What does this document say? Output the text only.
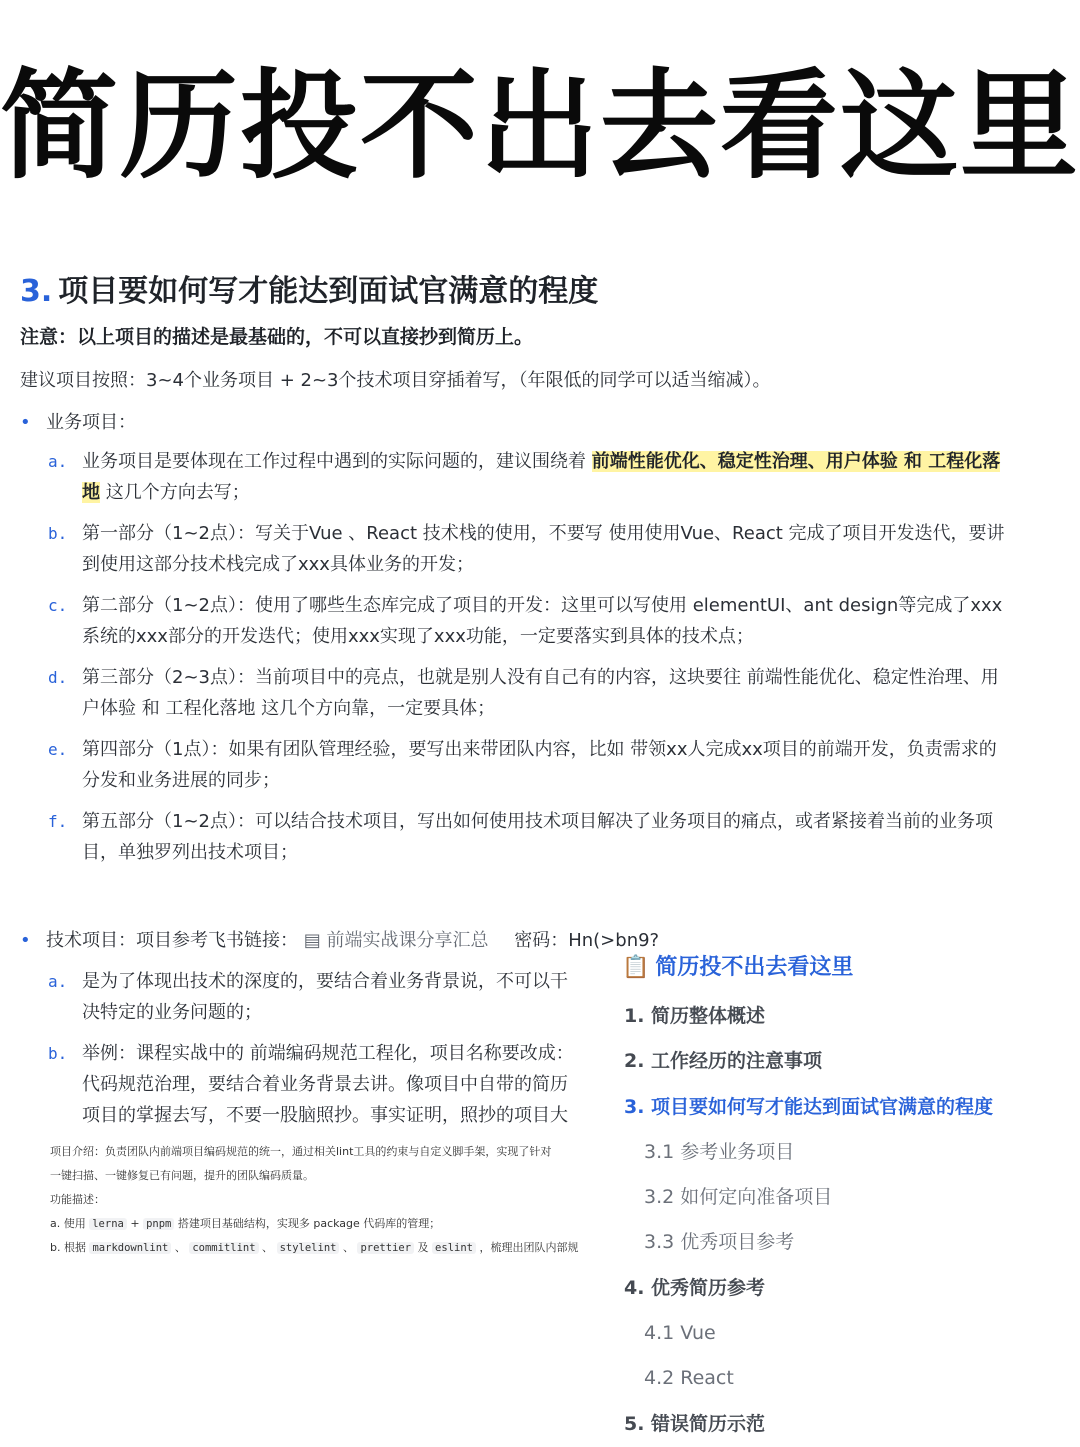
简历投不出去看这里

3. 项目要如何写才能达到面试官满意的程度
注意：以上项目的描述是最基础的，不可以直接抄到简历上。
建议项目按照：3~4个业务项目 + 2~3个技术项目穿插着写，（年限低的同学可以适当缩减）。
• 业务项目：
a. 业务项目是要体现在工作过程中遇到的实际问题的，建议围绕着 前端性能优化、稳定性治理、用户体验 和 工程化落地 这几个方向去写；
b. 第一部分（1~2点）：写关于Vue 、React 技术栈的使用，不要写 使用使用Vue、React 完成了项目开发迭代，要讲到使用这部分技术栈完成了xxx具体业务的开发；
c. 第二部分（1~2点）：使用了哪些生态库完成了项目的开发：这里可以写使用 elementUI、ant design等完成了xxx系统的xxx部分的开发迭代；使用xxx实现了xxx功能，一定要落实到具体的技术点；
d. 第三部分（2~3点）：当前项目中的亮点，也就是别人没有自己有的内容，这块要往 前端性能优化、稳定性治理、用户体验 和 工程化落地 这几个方向靠，一定要具体；
e. 第四部分（1点）：如果有团队管理经验，要写出来带团队内容，比如 带领xx人完成xx项目的前端开发，负责需求的分发和业务进展的同步；
f. 第五部分（1~2点）：可以结合技术项目，写出如何使用技术项目解决了业务项目的痛点，或者紧接着当前的业务项目，单独罗列出技术项目；
• 技术项目：项目参考飞书链接： ▤ 前端实战课分享汇总 密码：Hn(>bn9?
a. 是为了体现出技术的深度的，要结合着业务背景说，不可以干
决特定的业务问题的；
b. 举例：课程实战中的 前端编码规范工程化，项目名称要改成：
代码规范治理，要结合着业务背景去讲。像项目中自带的简历
项目的掌握去写，不要一股脑照抄。事实证明，照抄的项目大
项目介绍：负责团队内前端项目编码规范的统一，通过相关lint工具的约束与自定义脚手架，实现了针对
一键扫描、一键修复已有问题，提升的团队编码质量。
功能描述：
a. 使用 lerna + pnpm 搭建项目基础结构，实现多 package 代码库的管理；
b. 根据 markdownlint 、 commitlint 、 stylelint 、 prettier 及 eslint ，梳理出团队内部规
📋 简历投不出去看这里
1. 简历整体概述
2. 工作经历的注意事项
3. 项目要如何写才能达到面试官满意的程度
3.1 参考业务项目
3.2 如何定向准备项目
3.3 优秀项目参考
4. 优秀简历参考
4.1 Vue
4.2 React
5. 错误简历示范
